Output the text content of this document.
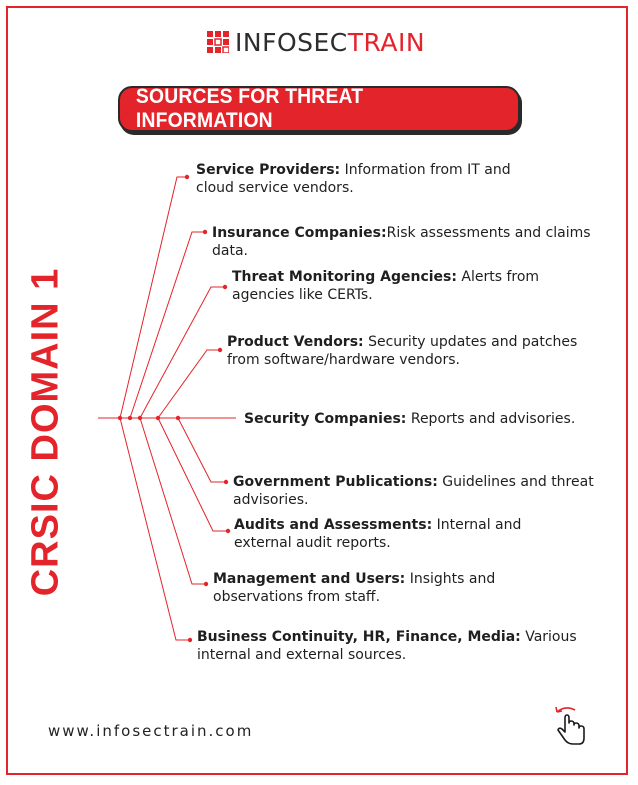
INFOSECTRAIN
SOURCES FOR THREAT INFORMATION
CRSIC DOMAIN 1
Service Providers: Information from IT and cloud service vendors.
Insurance Companies:Risk assessments and claims data.
Threat Monitoring Agencies: Alerts from agencies like CERTs.
Product Vendors: Security updates and patches from software/hardware vendors.
Security Companies: Reports and advisories.
Government Publications: Guidelines and threat advisories.
Audits and Assessments: Internal and external audit reports.
Management and Users: Insights and observations from staff.
Business Continuity, HR, Finance, Media: Various internal and external sources.
www.infosectrain.com
